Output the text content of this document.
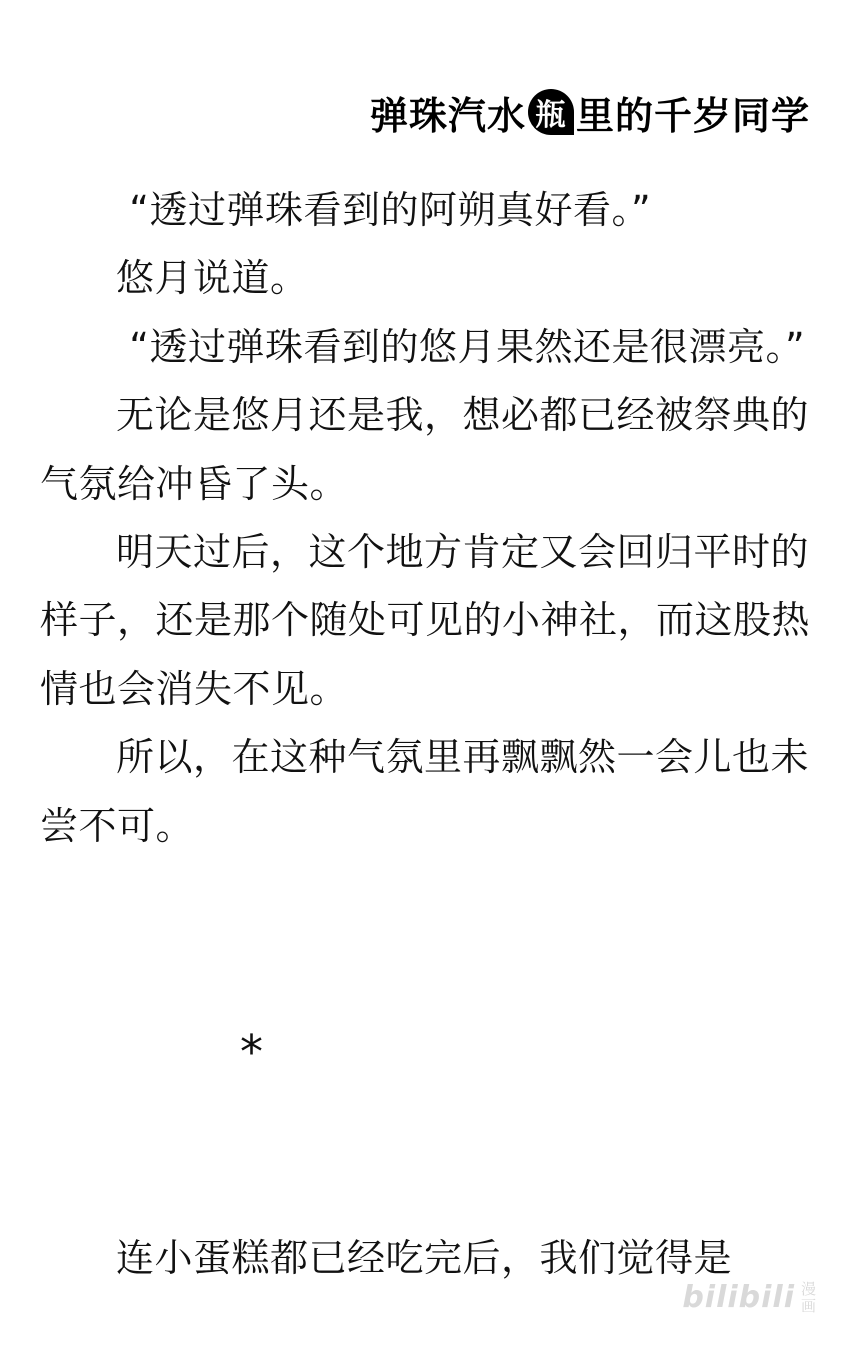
弹珠汽水 瓶 里的千岁同学

“透过弹珠看到的阿朔真好看。”

悠月说道。

“透过弹珠看到的悠月果然还是很漂亮。”

无论是悠月还是我，想必都已经被祭典的气氛给冲昏了头。

明天过后，这个地方肯定又会回归平时的样子，还是那个随处可见的小神社，而这股热情也会消失不见。

所以，在这种气氛里再飘飘然一会儿也未尝不可。

*

连小蛋糕都已经吃完后，我们觉得是

bilibili 漫
画
